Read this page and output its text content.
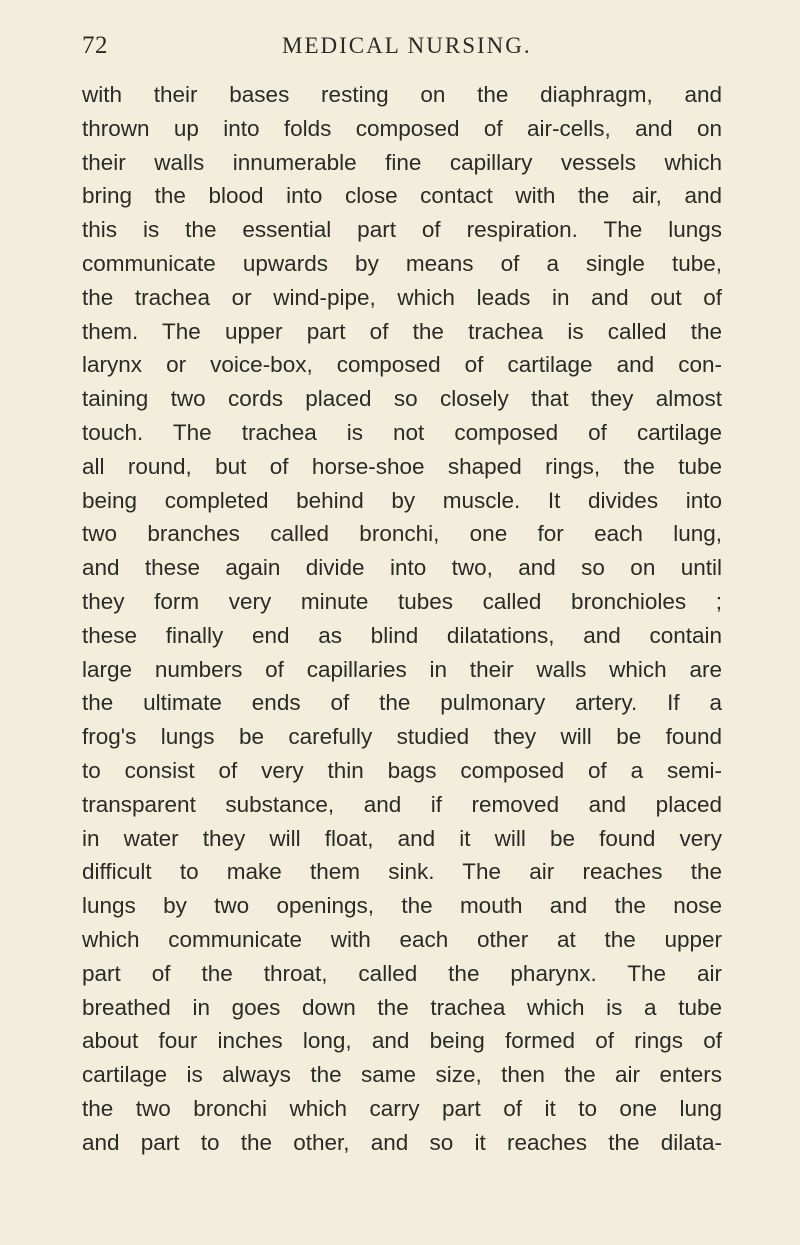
72	MEDICAL NURSING.
with their bases resting on the diaphragm, and
thrown up into folds composed of air-cells, and on
their walls innumerable fine capillary vessels which
bring the blood into close contact with the air, and
this is the essential part of respiration. The lungs
communicate upwards by means of a single tube,
the trachea or wind-pipe, which leads in and out of
them. The upper part of the trachea is called the
larynx or voice-box, composed of cartilage and con-
taining two cords placed so closely that they almost
touch. The trachea is not composed of cartilage
all round, but of horse-shoe shaped rings, the tube
being completed behind by muscle. It divides into
two branches called bronchi, one for each lung,
and these again divide into two, and so on until
they form very minute tubes called bronchioles ;
these finally end as blind dilatations, and contain
large numbers of capillaries in their walls which are
the ultimate ends of the pulmonary artery. If a
frog's lungs be carefully studied they will be found
to consist of very thin bags composed of a semi-
transparent substance, and if removed and placed
in water they will float, and it will be found very
difficult to make them sink. The air reaches the
lungs by two openings, the mouth and the nose
which communicate with each other at the upper
part of the throat, called the pharynx. The air
breathed in goes down the trachea which is a tube
about four inches long, and being formed of rings of
cartilage is always the same size, then the air enters
the two bronchi which carry part of it to one lung
and part to the other, and so it reaches the dilata-
